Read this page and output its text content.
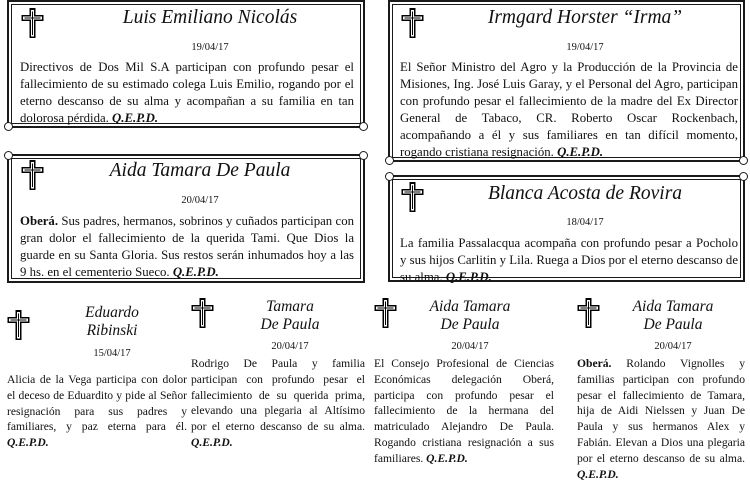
Luis Emiliano Nicolás
19/04/17
Directivos de Dos Mil S.A participan con profundo pesar el fallecimiento de su estimado colega Luis Emilio, rogando por el eterno descanso de su alma y acompañan a su familia en tan dolorosa pérdida. Q.E.P.D.
Irmgard Horster “Irma”
19/04/17
El Señor Ministro del Agro y la Producción de la Provincia de Misiones, Ing. José Luis Garay, y el Personal del Agro, participan con profundo pesar el fallecimiento de la madre del Ex Director General de Tabaco, CR. Roberto Oscar Rockenbach, acompañando a él y sus familiares en tan difícil momento, rogando cristiana resignación. Q.E.P.D.
Aida Tamara De Paula
20/04/17
Oberá. Sus padres, hermanos, sobrinos y cuñados participan con gran dolor el fallecimiento de la querida Tami. Que Dios la guarde en su Santa Gloria. Sus restos serán inhumados hoy a las 9 hs. en el cementerio Sueco. Q.E.P.D.
Blanca Acosta de Rovira
18/04/17
La familia Passalacqua acompaña con profundo pesar a Pocholo y sus hijos Carlitin y Lila. Ruega a Dios por el eterno descanso de su alma. Q.E.P.D.
Eduardo
Ribinski
15/04/17
Alicia de la Vega participa con dolor el deceso de Eduardito y pide al Señor resignación para sus padres y familiares, y paz eterna para él. Q.E.P.D.
Tamara
De Paula
20/04/17
Rodrigo De Paula y familia participan con profundo pesar el fallecimiento de su querida prima, elevando una plegaria al Altísimo por el eterno descanso de su alma. Q.E.P.D.
Aida Tamara
De Paula
20/04/17
El Consejo Profesional de Ciencias Económicas delegación Oberá, participa con profundo pesar el fallecimiento de la hermana del matriculado Alejandro De Paula. Rogando cristiana resignación a sus familiares. Q.E.P.D.
Aida Tamara
De Paula
20/04/17
Oberá. Rolando Vignolles y familias participan con profundo pesar el fallecimiento de Tamara, hija de Aidi Nielssen y Juan De Paula y sus hermanos Alex y Fabián. Elevan a Dios una plegaria por el eterno descanso de su alma. Q.E.P.D.
